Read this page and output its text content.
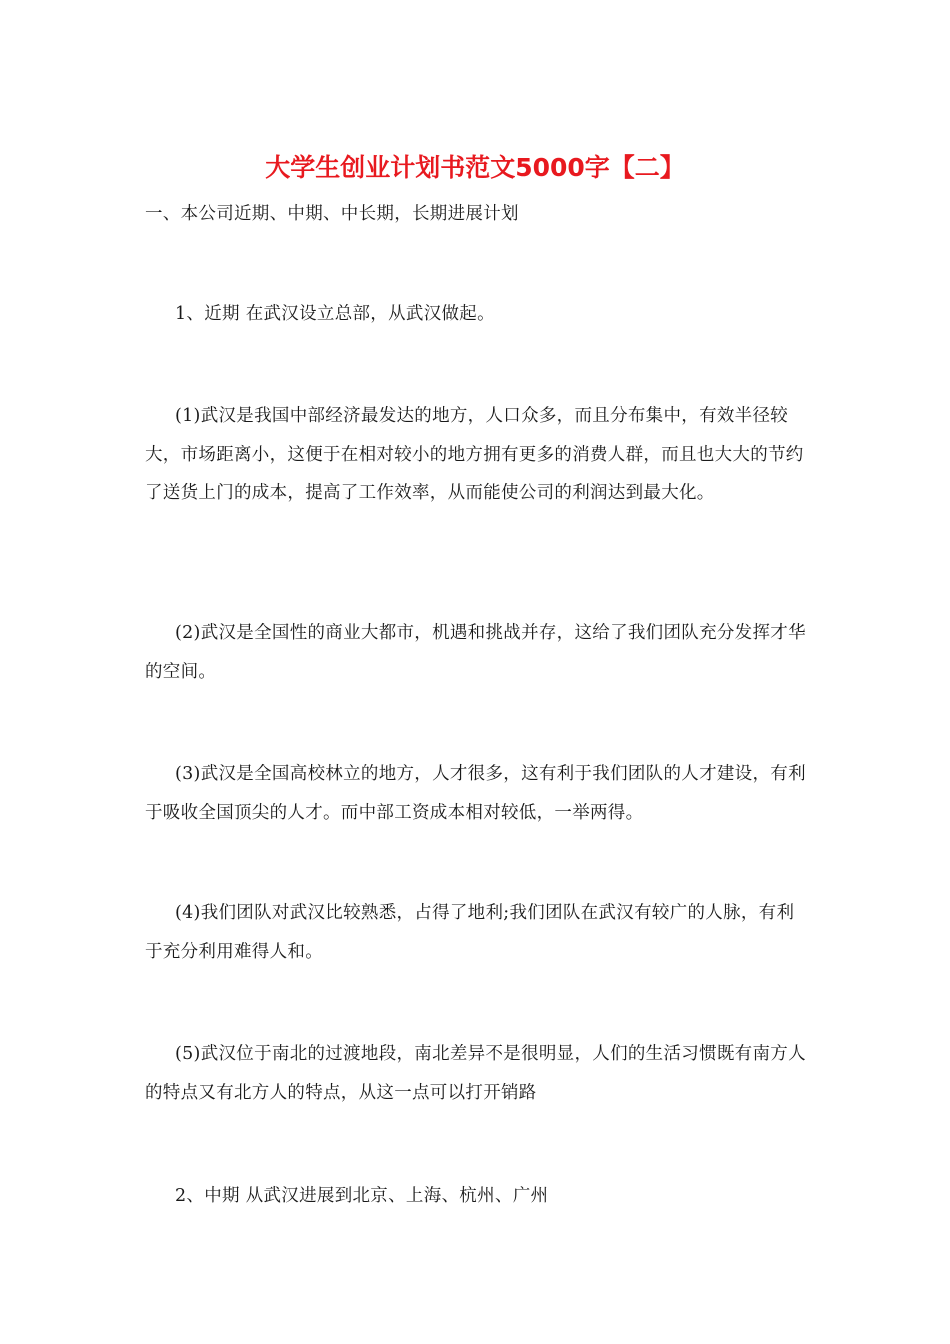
大学生创业计划书范文5000字【二】

一、本公司近期、中期、中长期，长期进展计划

1、近期 在武汉设立总部，从武汉做起。

(1)武汉是我国中部经济最发达的地方，人口众多，而且分布集中，有效半径较大，市场距离小，这便于在相对较小的地方拥有更多的消费人群，而且也大大的节约了送货上门的成本，提高了工作效率，从而能使公司的利润达到最大化。

(2)武汉是全国性的商业大都市，机遇和挑战并存，这给了我们团队充分发挥才华的空间。

(3)武汉是全国高校林立的地方，人才很多，这有利于我们团队的人才建设，有利于吸收全国顶尖的人才。而中部工资成本相对较低，一举两得。

(4)我们团队对武汉比较熟悉，占得了地利;我们团队在武汉有较广的人脉，有利于充分利用难得人和。

(5)武汉位于南北的过渡地段，南北差异不是很明显，人们的生活习惯既有南方人的特点又有北方人的特点，从这一点可以打开销路

2、中期 从武汉进展到北京、上海、杭州、广州
